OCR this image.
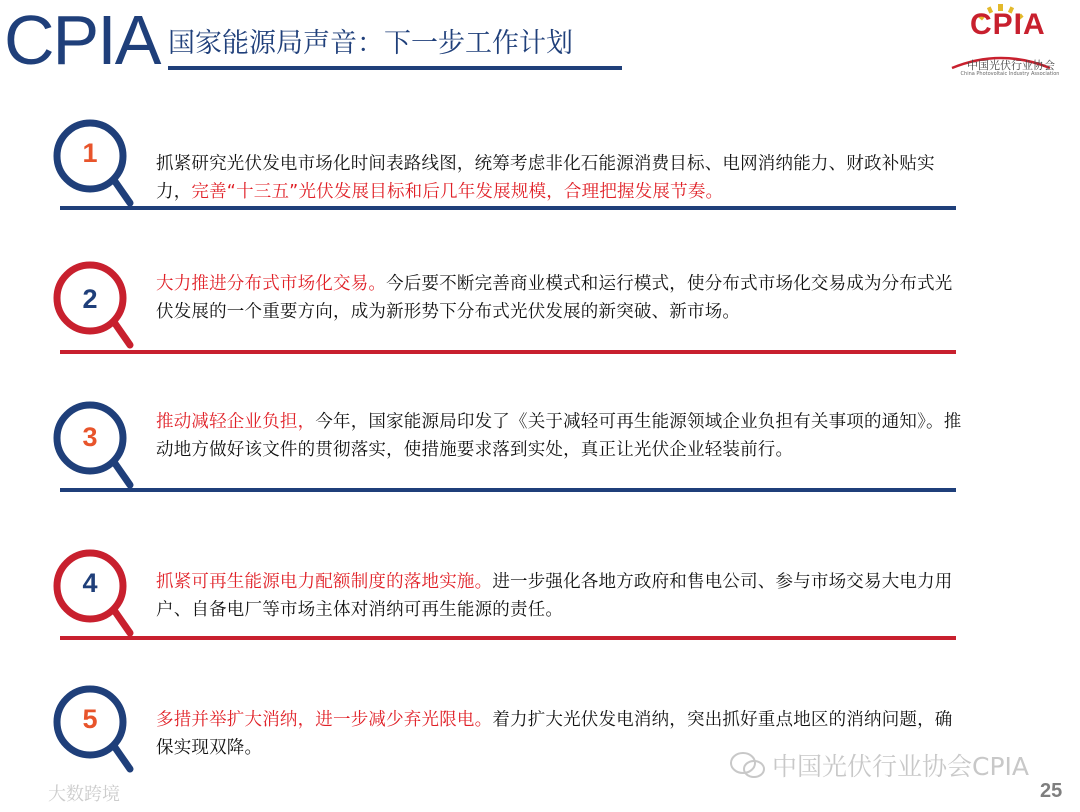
CPIA 国家能源局声音：下一步工作计划
CPIA
中国光伏行业协会
China Photovoltaic Industry Association
1	抓紧研究光伏发电市场化时间表路线图，统筹考虑非化石能源消费目标、电网消纳能力、财政补贴实力，完善“十三五”光伏发展目标和后几年发展规模，合理把握发展节奏。
2	大力推进分布式市场化交易。今后要不断完善商业模式和运行模式，使分布式市场化交易成为分布式光伏发展的一个重要方向，成为新形势下分布式光伏发展的新突破、新市场。
3	推动减轻企业负担，今年，国家能源局印发了《关于减轻可再生能源领域企业负担有关事项的通知》。推动地方做好该文件的贯彻落实，使措施要求落到实处，真正让光伏企业轻装前行。
4	抓紧可再生能源电力配额制度的落地实施。进一步强化各地方政府和售电公司、参与市场交易大电力用户、自备电厂等市场主体对消纳可再生能源的责任。
5	多措并举扩大消纳，进一步减少弃光限电。着力扩大光伏发电消纳，突出抓好重点地区的消纳问题，确保实现双降。
中国光伏行业协会CPIA
大数跨境	25
